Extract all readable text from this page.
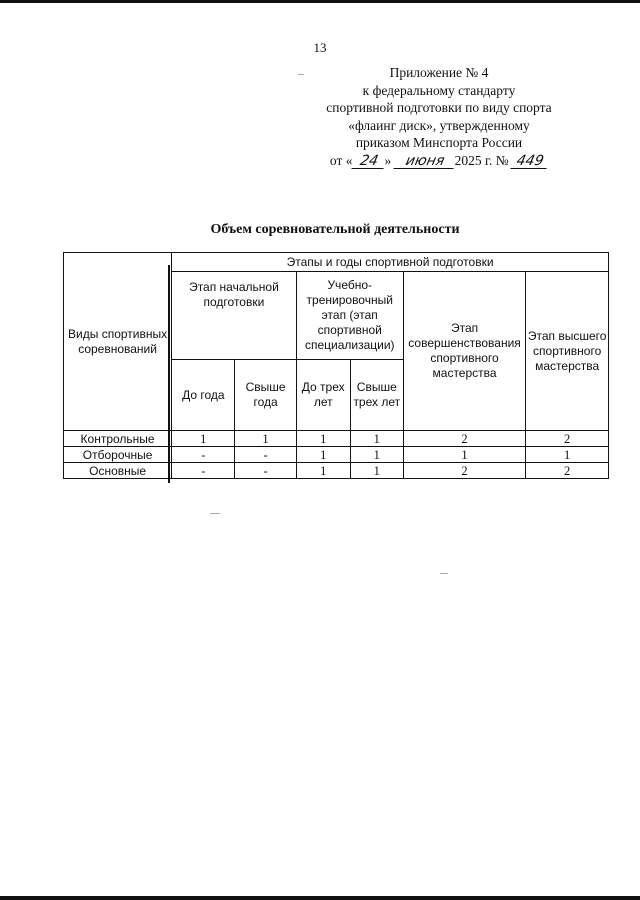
13
Приложение № 4
к федеральному стандарту
спортивной подготовки по виду спорта
«флаинг диск», утвержденному
приказом Минспорта России
от « 24 » июня 2025 г. № 449
Объем соревновательной деятельности
Виды спортивных соревнований	Этапы и годы спортивной подготовки					
	Этап начальной подготовки		Учебно-тренировочный этап (этап спортивной специализации)		Этап совершенствования спортивного мастерства	Этап высшего спортивного мастерства
	До года	Свыше года	До трех лет	Свыше трех лет		
Контрольные	1	1	1	1	2	2
Отборочные	-	-	1	1	1	1
Основные	-	-	1	1	2	2
